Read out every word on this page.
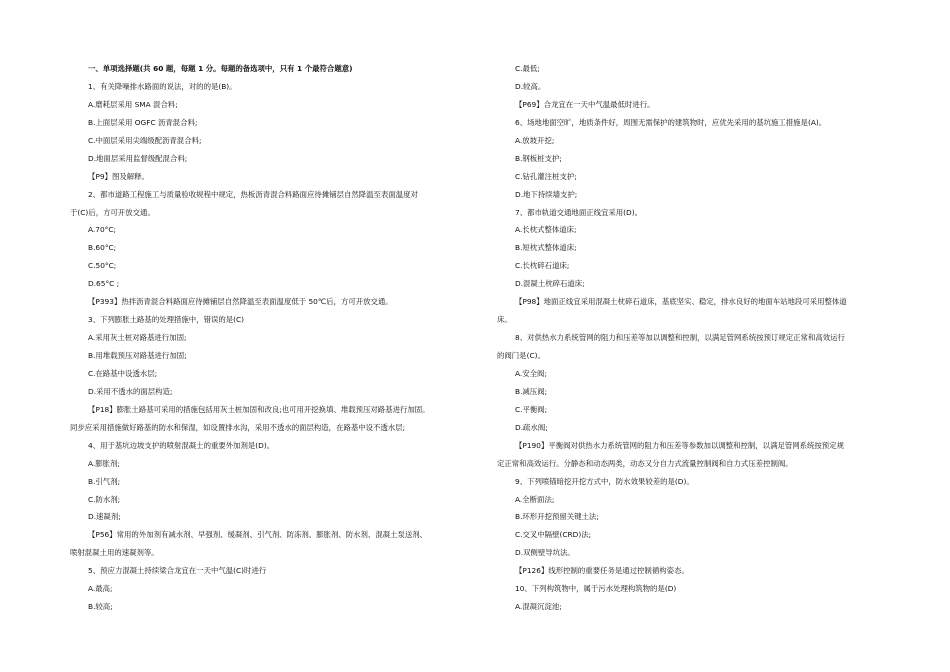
一、单项选择题(共 60 题，每题 1 分。每题的备选项中，只有 1 个最符合题意)
1、有关降噪排水路面的说法，对的的是(B)。
A.磨耗层采用 SMA 混合料;
B.上面层采用 OGFC 沥青混合料;
C.中面层采用尖端级配沥青混合料;
D.地面层采用监督级配混合料;
【P9】图及解释。
2、都市道路工程施工与质量验收规程中规定，热板沥青混合料路面应待摊铺层自然降温至表面温度对
于(C)后，方可开放交通。
A.70°C;
B.60°C;
C.50°C;
D.65°C ;
【P393】热拌沥青混合料路面应待摊铺层自然降温至表面温度低于 50℃后，方可开放交通。
3、下列膨胀土路基的处理措施中，错误的是(C)
A.采用灰土桩对路基进行加固;
B.用堆载预压对路基进行加固;
C.在路基中设透水层;
D.采用不透水的面层构造;
【P18】膨胀土路基可采用的措施包括用灰土桩加固和改良;也可用开挖换填、堆载预压对路基进行加固。
同步应采用措施做好路基的防水和保湿，如设置排水沟，采用不透水的面层构造，在路基中设不透水层;
4、用于基坑边坡支护的喷射混凝土的重要外加剂是(D)。
A.膨胀剂;
B.引气剂;
C.防水剂;
D.速凝剂;
【P56】常用的外加剂有减水剂、早强剂、缓凝剂、引气剂、防冻剂、膨胀剂、防水剂、混凝土泵送剂、
喷射混凝土用的速凝剂等。
5、预应力混凝土持续梁合龙宜在一天中气温(C)时进行
A.最高;
B.较高;
C.最低;
D.较高。
【P69】合龙宜在一天中气温最低时进行。
6、场地地面空旷，地质条件好，周围无需保护的建筑物时，应优先采用的基坑施工措施是(A)。
A.放坡开挖;
B.钢板桩支护;
C.钻孔灌注桩支护;
D.地下持续墙支护;
7、都市轨道交通地面正线宜采用(D)。
A.长枕式整体道床;
B.短枕式整体道床;
C.长枕碎石道床;
D.混凝土枕碎石道床;
【P98】地面正线宜采用混凝土枕碎石道床，基底坚实、稳定，排水良好的地面车站地段可采用整体道
床。
8、对供热水力系统管网的阻力和压差等加以调整和控制，以满足管网系统按预订规定正常和高效运行
的阀门是(C)。
A.安全阀;
B.减压阀;
C.平衡阀;
D.疏水阀;
【P190】平衡阀对供热水力系统管网的阻力和压差等参数加以调整和控制，以满足管网系统按预定规
定正常和高效运行。分静态和动态两类，动态又分自力式流量控制阀和自力式压差控制阀。
9、下列喷锚暗挖开挖方式中，防水效果较差的是(D)。
A.全断面法;
B.环形开挖预留关键土法;
C.交叉中隔壁(CRD)法;
D.双侧壁导坑法。
【P126】线形控制的重要任务是通过控制循构姿态。
10、下列构筑物中，属于污水处理构筑物的是(D)
A.混凝沉淀池;
